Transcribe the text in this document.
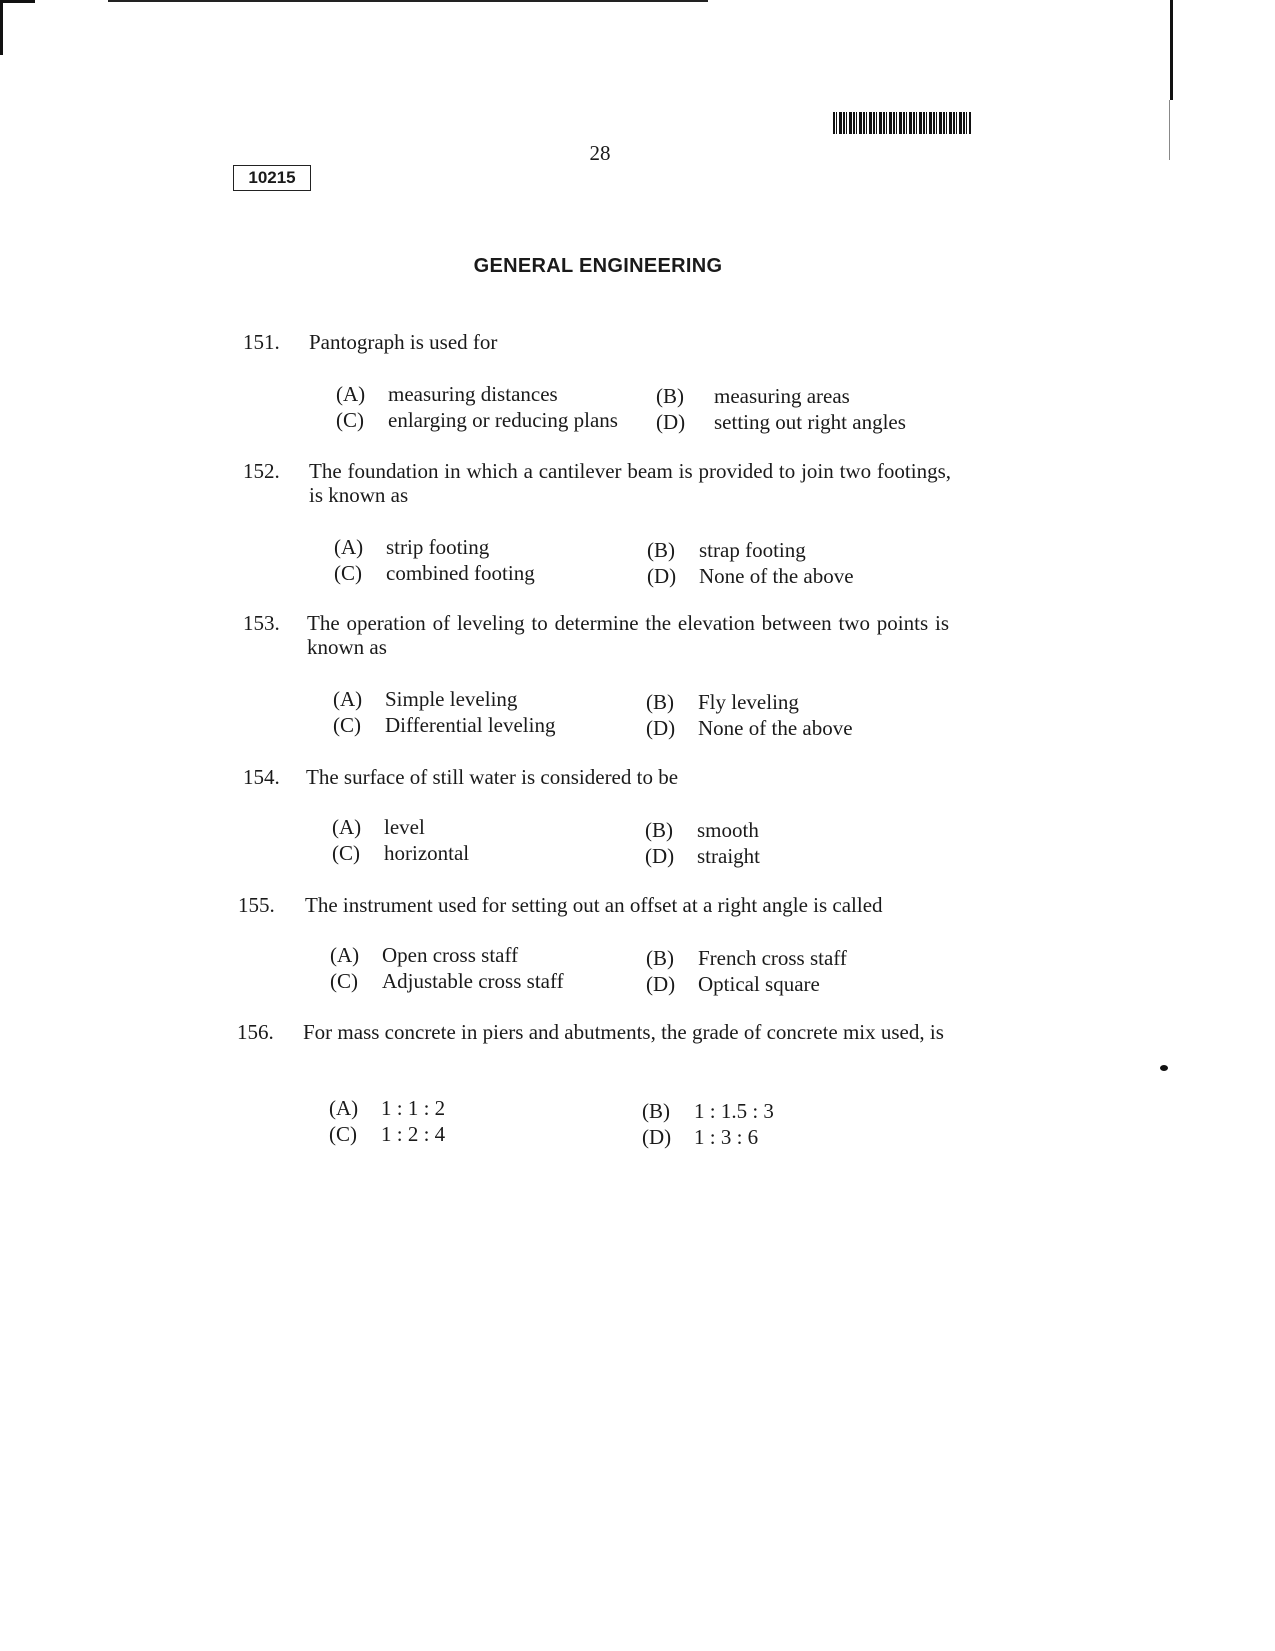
28
10215
GENERAL ENGINEERING
151. Pantograph is used for
(A) measuring distances	(B) measuring areas
(C) enlarging or reducing plans (D) setting out right angles
152. The foundation in which a cantilever beam is provided to join two footings, is known as
(A) strip footing	(B) strap footing
(C) combined footing	(D) None of the above
153. The operation of leveling to determine the elevation between two points is known as
(A) Simple leveling	(B) Fly leveling
(C) Differential leveling	(D) None of the above
154. The surface of still water is considered to be
(A) level	(B) smooth
(C) horizontal	(D) straight
155. The instrument used for setting out an offset at a right angle is called
(A) Open cross staff	(B) French cross staff
(C) Adjustable cross staff	(D) Optical square
156. For mass concrete in piers and abutments, the grade of concrete mix used, is
(A) 1 : 1 : 2	(B) 1 : 1.5 : 3
(C) 1 : 2 : 4	(D) 1 : 3 : 6
